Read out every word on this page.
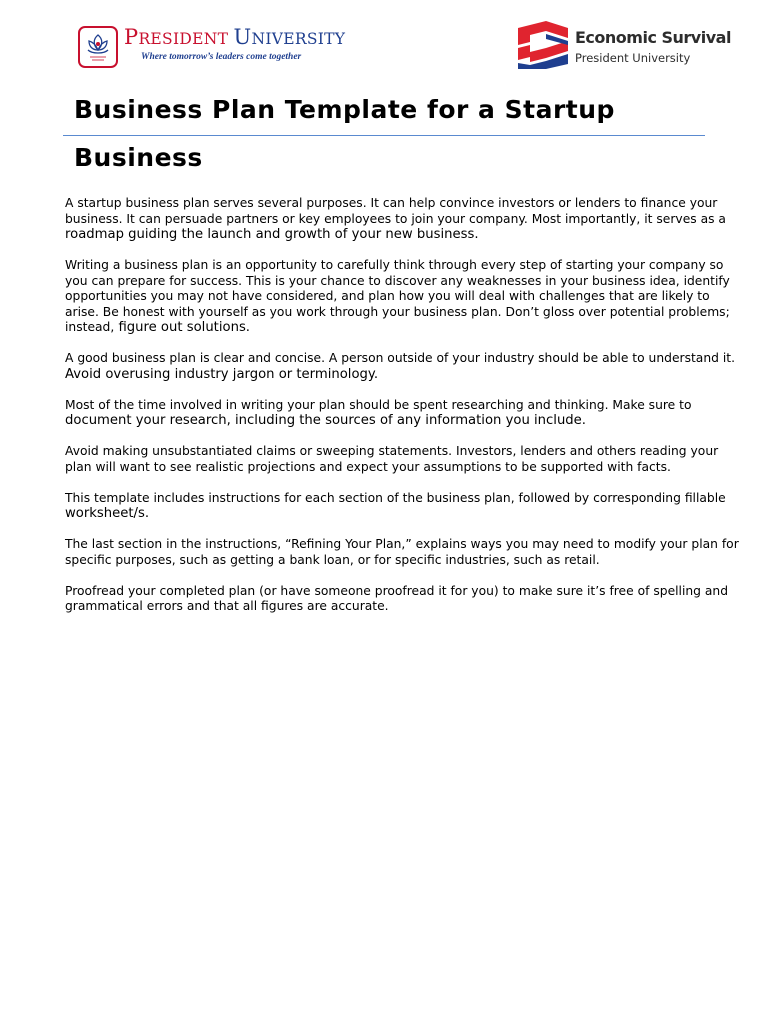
PRESIDENT UNIVERSITY
Where tomorrow’s leaders come together
Economic Survival
President University
Business Plan Template for a Startup Business

A startup business plan serves several purposes. It can help convince investors or lenders to finance your business. It can persuade partners or key employees to join your company. Most importantly, it serves as a roadmap guiding the launch and growth of your new business.

Writing a business plan is an opportunity to carefully think through every step of starting your company so you can prepare for success. This is your chance to discover any weaknesses in your business idea, identify opportunities you may not have considered, and plan how you will deal with challenges that are likely to arise. Be honest with yourself as you work through your business plan. Don’t gloss over potential problems; instead, figure out solutions.

A good business plan is clear and concise. A person outside of your industry should be able to understand it. Avoid overusing industry jargon or terminology.

Most of the time involved in writing your plan should be spent researching and thinking. Make sure to document your research, including the sources of any information you include.

Avoid making unsubstantiated claims or sweeping statements. Investors, lenders and others reading your plan will want to see realistic projections and expect your assumptions to be supported with facts.

This template includes instructions for each section of the business plan, followed by corresponding fillable worksheet/s.

The last section in the instructions, “Refining Your Plan,” explains ways you may need to modify your plan for specific purposes, such as getting a bank loan, or for specific industries, such as retail.

Proofread your completed plan (or have someone proofread it for you) to make sure it’s free of spelling and
grammatical errors and that all figures are accurate.
